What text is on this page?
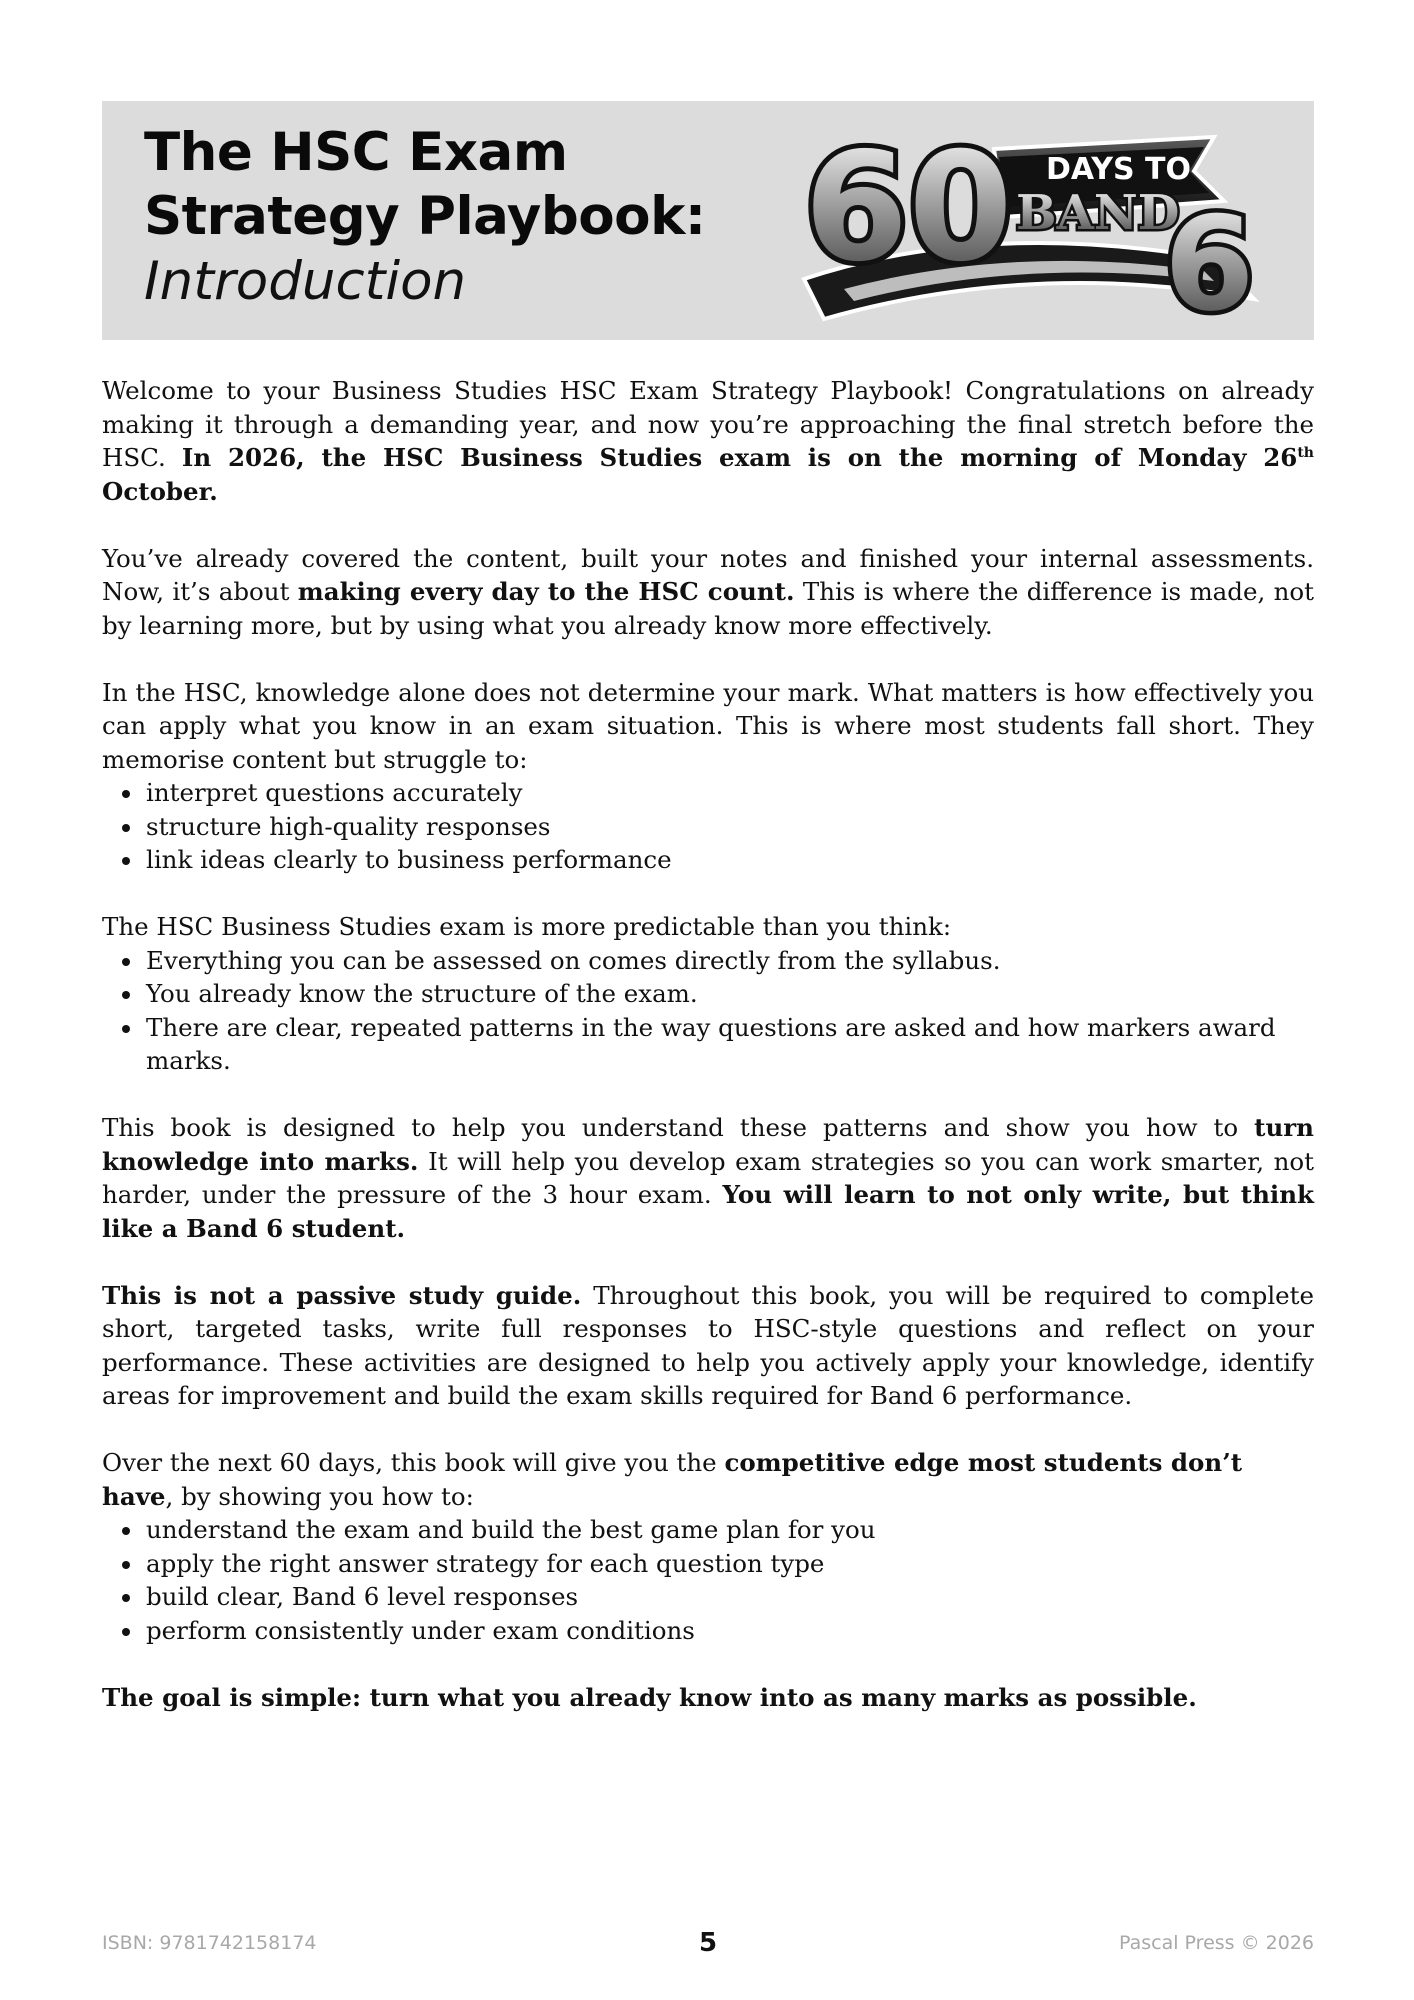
The HSC Exam
Strategy Playbook:
Introduction	60 DAYS TO
BAND
6

Welcome to your Business Studies HSC Exam Strategy Playbook! Congratulations on already making it through a demanding year, and now you’re approaching the final stretch before the HSC. In 2026, the HSC Business Studies exam is on the morning of Monday 26th October.

You’ve already covered the content, built your notes and finished your internal assessments. Now, it’s about making every day to the HSC count. This is where the difference is made, not by learning more, but by using what you already know more effectively.

In the HSC, knowledge alone does not determine your mark. What matters is how effectively you can apply what you know in an exam situation. This is where most students fall short. They memorise content but struggle to:

• interpret questions accurately
• structure high-quality responses
• link ideas clearly to business performance

The HSC Business Studies exam is more predictable than you think:

• Everything you can be assessed on comes directly from the syllabus.
• You already know the structure of the exam.
• There are clear, repeated patterns in the way questions are asked and how markers award marks.

This book is designed to help you understand these patterns and show you how to turn knowledge into marks. It will help you develop exam strategies so you can work smarter, not harder, under the pressure of the 3 hour exam. You will learn to not only write, but think like a Band 6 student.

This is not a passive study guide. Throughout this book, you will be required to complete short, targeted tasks, write full responses to HSC-style questions and reflect on your performance. These activities are designed to help you actively apply your knowledge, identify areas for improvement and build the exam skills required for Band 6 performance.

Over the next 60 days, this book will give you the competitive edge most students don’t have, by showing you how to:

• understand the exam and build the best game plan for you
• apply the right answer strategy for each question type
• build clear, Band 6 level responses
• perform consistently under exam conditions

The goal is simple: turn what you already know into as many marks as possible.

ISBN: 9781742158174	5	Pascal Press © 2026
